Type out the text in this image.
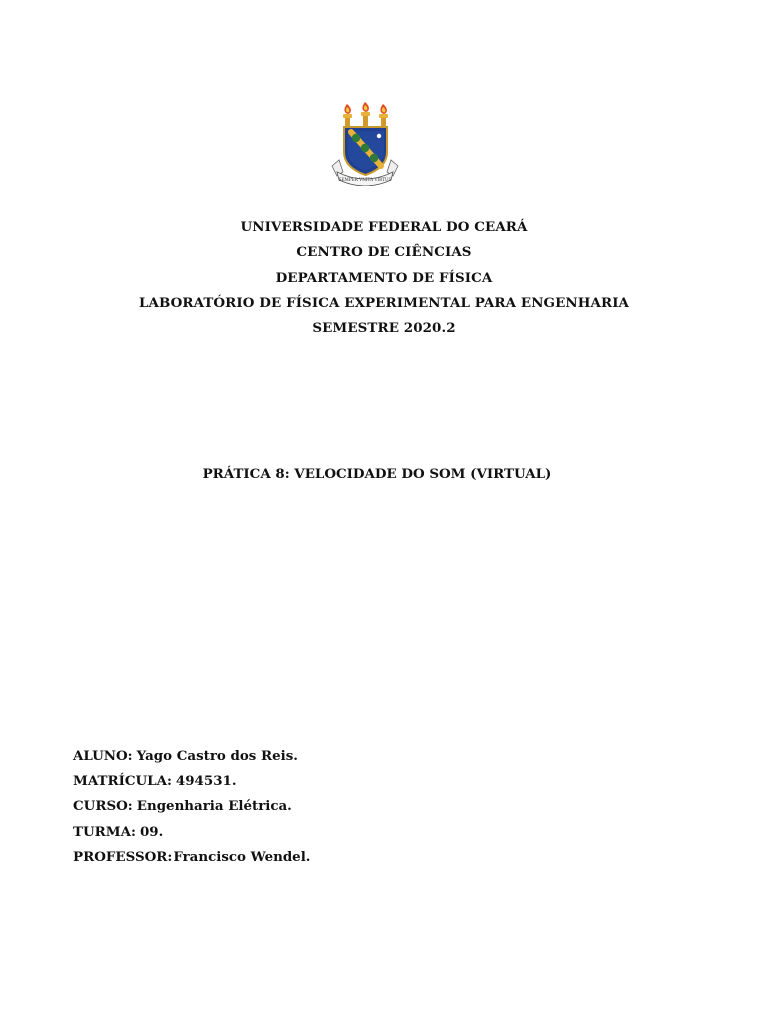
SEMPER VNITA VIRTUS
UNIVERSIDADE FEDERAL DO CEARÁ
CENTRO DE CIÊNCIAS
DEPARTAMENTO DE FÍSICA
LABORATÓRIO DE FÍSICA EXPERIMENTAL PARA ENGENHARIA
SEMESTRE 2020.2
PRÁTICA 8: VELOCIDADE DO SOM (VIRTUAL)
ALUNO: Yago Castro dos Reis.
MATRÍCULA: 494531.
CURSO: Engenharia Elétrica.
TURMA: 09.
PROFESSOR:Francisco Wendel.
